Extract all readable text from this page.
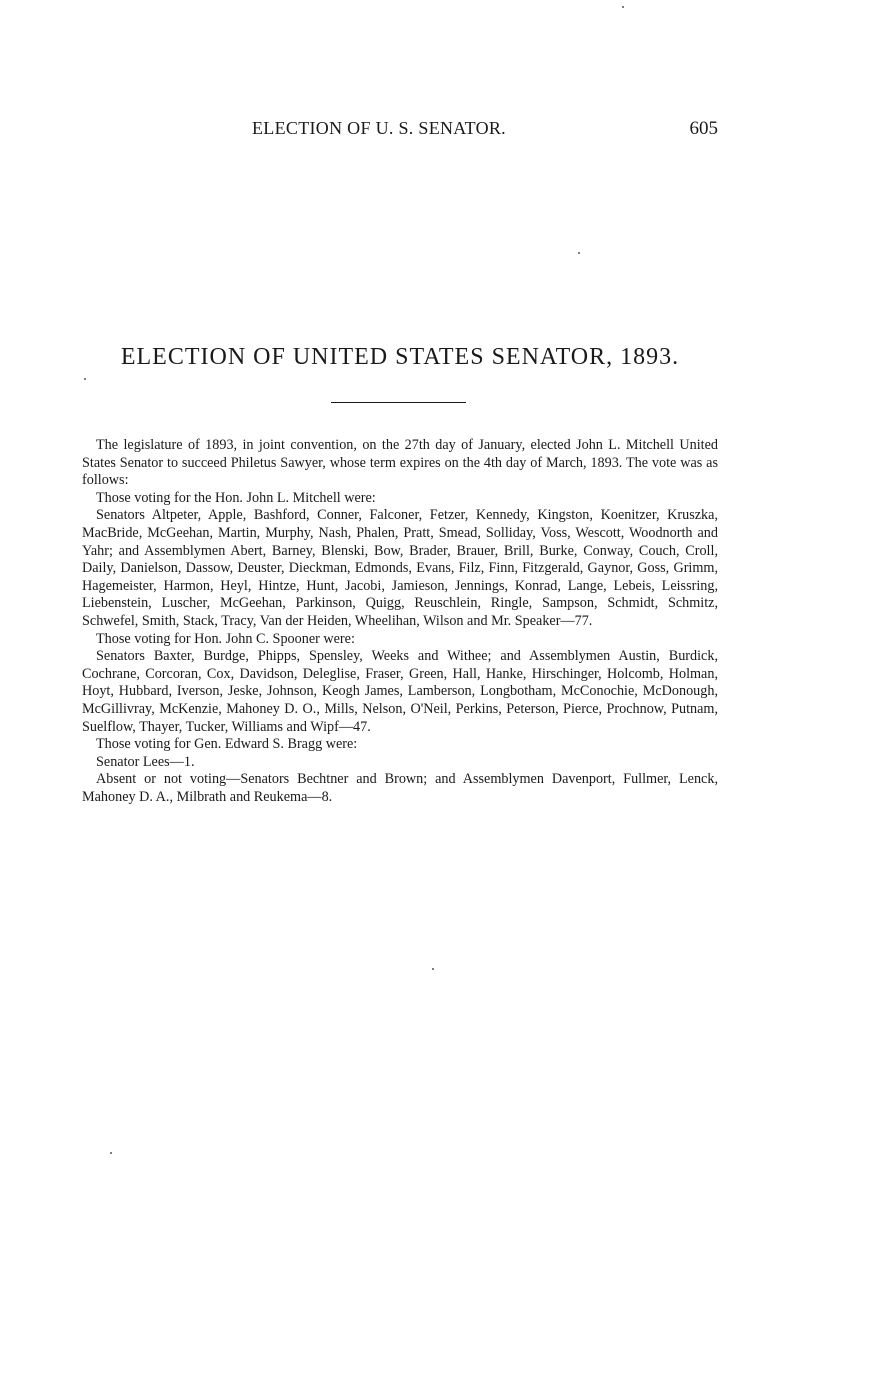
ELECTION OF U. S. SENATOR.	605
ELECTION OF UNITED STATES SENATOR, 1893.

The legislature of 1893, in joint convention, on the 27th day of January, elected John L. Mitchell United States Senator to succeed Philetus Sawyer, whose term expires on the 4th day of March, 1893. The vote was as follows:

Those voting for the Hon. John L. Mitchell were:

Senators Altpeter, Apple, Bashford, Conner, Falconer, Fetzer, Kennedy, Kingston, Koenitzer, Kruszka, MacBride, McGeehan, Martin, Murphy, Nash, Phalen, Pratt, Smead, Solliday, Voss, Wescott, Woodnorth and Yahr; and Assemblymen Abert, Barney, Blenski, Bow, Brader, Brauer, Brill, Burke, Conway, Couch, Croll, Daily, Danielson, Dassow, Deuster, Dieckman, Edmonds, Evans, Filz, Finn, Fitzgerald, Gaynor, Goss, Grimm, Hagemeister, Harmon, Heyl, Hintze, Hunt, Jacobi, Jamieson, Jennings, Konrad, Lange, Lebeis, Leissring, Liebenstein, Luscher, McGeehan, Parkinson, Quigg, Reuschlein, Ringle, Sampson, Schmidt, Schmitz, Schwefel, Smith, Stack, Tracy, Van der Heiden, Wheelihan, Wilson and Mr. Speaker—77.

Those voting for Hon. John C. Spooner were:

Senators Baxter, Burdge, Phipps, Spensley, Weeks and Withee; and Assemblymen Austin, Burdick, Cochrane, Corcoran, Cox, Davidson, Deleglise, Fraser, Green, Hall, Hanke, Hirschinger, Holcomb, Holman, Hoyt, Hubbard, Iverson, Jeske, Johnson, Keogh James, Lamberson, Longbotham, McConochie, McDonough, McGillivray, McKenzie, Mahoney D. O., Mills, Nelson, O'Neil, Perkins, Peterson, Pierce, Prochnow, Putnam, Suelflow, Thayer, Tucker, Williams and Wipf—47.

Those voting for Gen. Edward S. Bragg were:

Senator Lees—1.

Absent or not voting—Senators Bechtner and Brown; and Assemblymen Davenport, Fullmer, Lenck, Mahoney D. A., Milbrath and Reukema—8.
